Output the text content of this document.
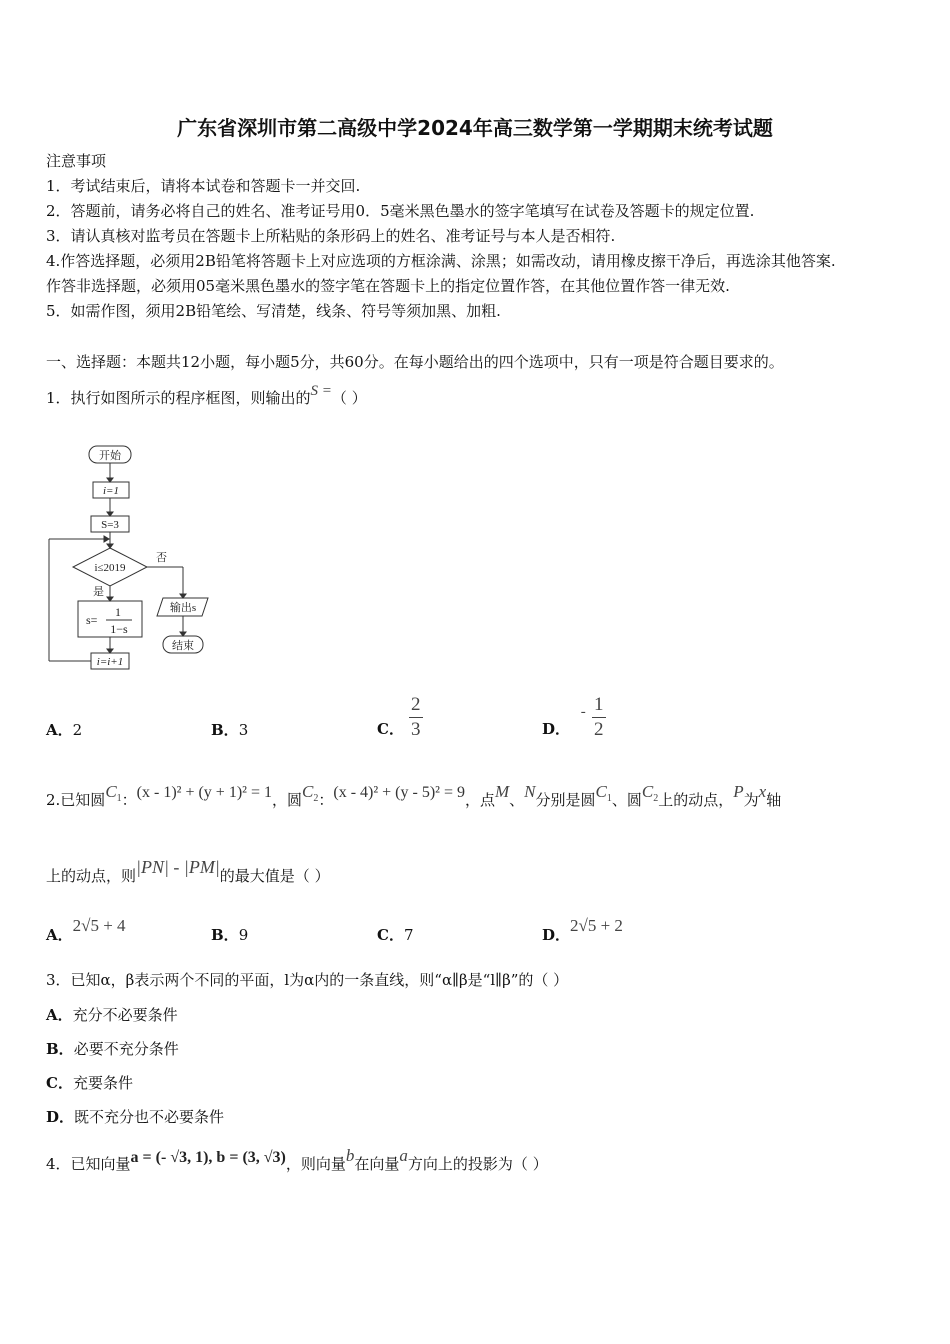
广东省深圳市第二高级中学2024年高三数学第一学期期末统考试题
注意事项
1．考试结束后，请将本试卷和答题卡一并交回.
2．答题前，请务必将自己的姓名、准考证号用0．5毫米黑色墨水的签字笔填写在试卷及答题卡的规定位置.
3．请认真核对监考员在答题卡上所粘贴的条形码上的姓名、准考证号与本人是否相符.
4.作答选择题，必须用2B铅笔将答题卡上对应选项的方框涂满、涂黑；如需改动，请用橡皮擦干净后，再选涂其他答案.
作答非选择题，必须用05毫米黑色墨水的签字笔在答题卡上的指定位置作答，在其他位置作答一律无效.
5．如需作图，须用2B铅笔绘、写清楚，线条、符号等须加黑、加粗.
一、选择题：本题共12小题，每小题5分，共60分。在每小题给出的四个选项中，只有一项是符合题目要求的。
1．执行如图所示的程序框图，则输出的S =（ ）
开始
i=1
S=3
i≤2019
否
输出s
结束
是
s=
1
1−s
i=i+1
A．2	B．3	C． $\frac{2}{3}$	D． - $\frac{1}{2}$
2.已知圆$C_1$：(x - 1)² + (y + 1)² = 1，圆$C_2$：(x - 4)² + (y - 5)² = 9，点M、N分别是圆$C_1$、圆$C_2$上的动点，P为x轴
上的动点，则|PN| - |PM|的最大值是（ ）
A．2√5 + 4	B．9	C．7	D．2√5 + 2
3．已知α，β表示两个不同的平面，l为α内的一条直线，则“α∥β是“l∥β”的（ ）
A．充分不必要条件
B．必要不充分条件
C．充要条件
D．既不充分也不必要条件
4．已知向量a = (- √3, 1), b = (3, √3)，则向量b在向量a方向上的投影为（ ）
